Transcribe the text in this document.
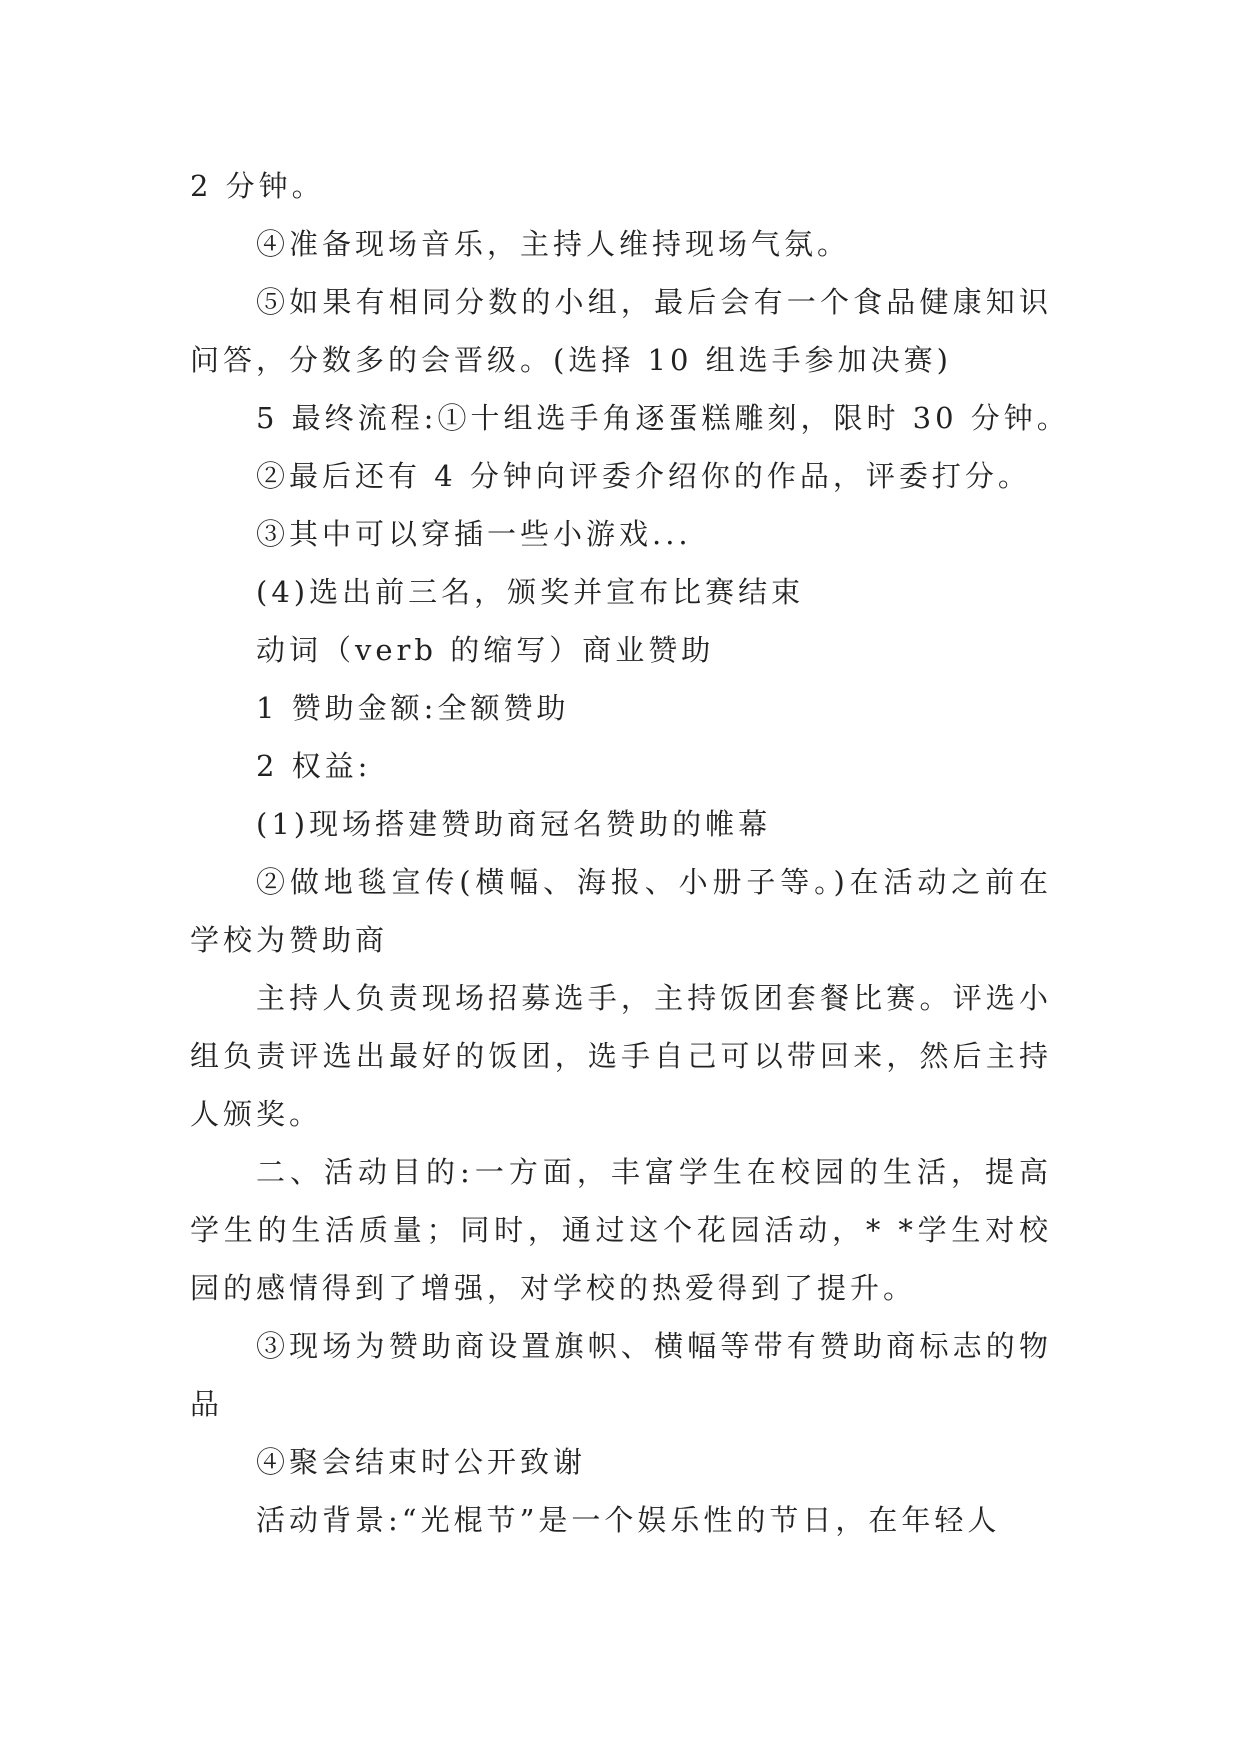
2 分钟。

④准备现场音乐，主持人维持现场气氛。

⑤如果有相同分数的小组，最后会有一个食品健康知识问答，分数多的会晋级。(选择 10 组选手参加决赛)

5 最终流程:①十组选手角逐蛋糕雕刻，限时 30 分钟。

②最后还有 4 分钟向评委介绍你的作品，评委打分。

③其中可以穿插一些小游戏...

(4)选出前三名，颁奖并宣布比赛结束

动词（verb 的缩写）商业赞助

1 赞助金额:全额赞助

2 权益:

(1)现场搭建赞助商冠名赞助的帷幕

②做地毯宣传(横幅、海报、小册子等。)在活动之前在学校为赞助商

主持人负责现场招募选手，主持饭团套餐比赛。评选小组负责评选出最好的饭团，选手自己可以带回来，然后主持人颁奖。

二、活动目的:一方面，丰富学生在校园的生活，提高学生的生活质量；同时，通过这个花园活动，* *学生对校园的感情得到了增强，对学校的热爱得到了提升。

③现场为赞助商设置旗帜、横幅等带有赞助商标志的物品

④聚会结束时公开致谢

活动背景:“光棍节”是一个娱乐性的节日，在年轻人
